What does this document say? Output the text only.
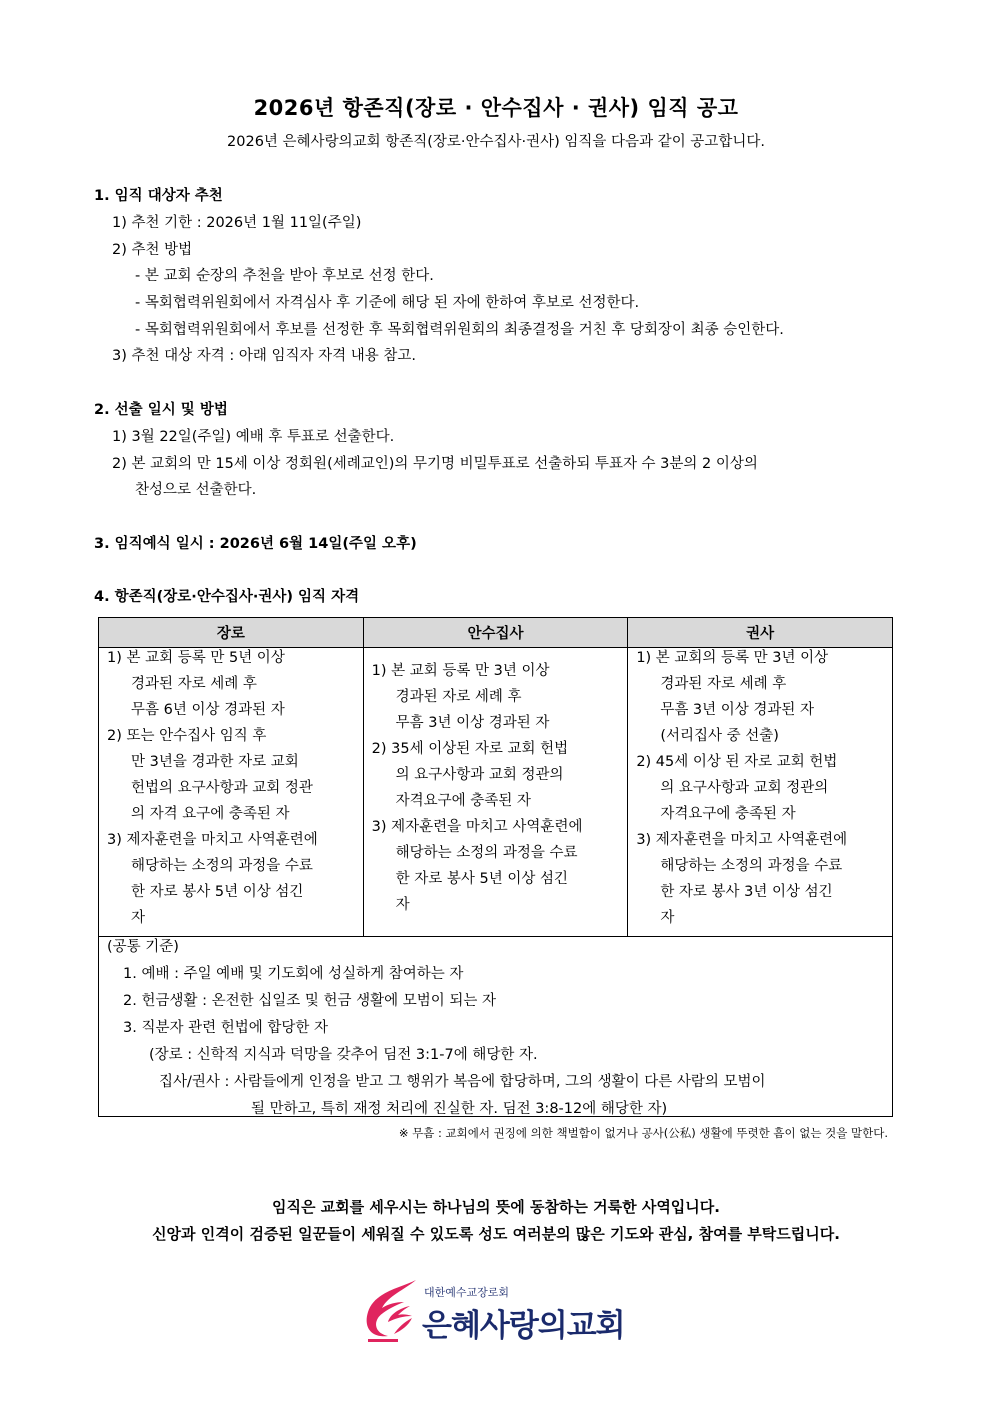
2026년 항존직(장로 · 안수집사 · 권사) 임직 공고
2026년 은혜사랑의교회 항존직(장로·안수집사·권사) 임직을 다음과 같이 공고합니다.
1. 임직 대상자 추천
1) 추천 기한 : 2026년 1월 11일(주일)
2) 추천 방법
- 본 교회 순장의 추천을 받아 후보로 선정 한다.
- 목회협력위원회에서 자격심사 후 기준에 해당 된 자에 한하여 후보로 선정한다.
- 목회협력위원회에서 후보를 선정한 후 목회협력위원회의 최종결정을 거친 후 당회장이 최종 승인한다.
3) 추천 대상 자격 : 아래 임직자 자격 내용 참고.
2. 선출 일시 및 방법
1) 3월 22일(주일) 예배 후 투표로 선출한다.
2) 본 교회의 만 15세 이상 정회원(세례교인)의 무기명 비밀투표로 선출하되 투표자 수 3분의 2 이상의
찬성으로 선출한다.
3. 임직예식 일시 : 2026년 6월 14일(주일 오후)
4. 항존직(장로·안수집사·권사) 임직 자격
장로	안수집사	권사

1) 본 교회 등록 만 5년 이상
경과된 자로 세례 후
무흠 6년 이상 경과된 자
2) 또는 안수집사 임직 후
만 3년을 경과한 자로 교회
헌법의 요구사항과 교회 정관
의 자격 요구에 충족된 자
3) 제자훈련을 마치고 사역훈련에
해당하는 소정의 과정을 수료
한 자로 봉사 5년 이상 섬긴
자

1) 본 교회 등록 만 3년 이상
경과된 자로 세례 후
무흠 3년 이상 경과된 자
2) 35세 이상된 자로 교회 헌법
의 요구사항과 교회 정관의
자격요구에 충족된 자
3) 제자훈련을 마치고 사역훈련에
해당하는 소정의 과정을 수료
한 자로 봉사 5년 이상 섬긴
자

1) 본 교회의 등록 만 3년 이상
경과된 자로 세례 후
무흠 3년 이상 경과된 자
(서리집사 중 선출)
2) 45세 이상 된 자로 교회 헌법
의 요구사항과 교회 정관의
자격요구에 충족된 자
3) 제자훈련을 마치고 사역훈련에
해당하는 소정의 과정을 수료
한 자로 봉사 3년 이상 섬긴
자

(공통 기준)
1. 예배 : 주일 예배 및 기도회에 성실하게 참여하는 자
2. 헌금생활 : 온전한 십일조 및 헌금 생활에 모범이 되는 자
3. 직분자 관련 헌법에 합당한 자
(장로 : 신학적 지식과 덕망을 갖추어 딤전 3:1-7에 해당한 자.
집사/권사 : 사람들에게 인정을 받고 그 행위가 복음에 합당하며, 그의 생활이 다른 사람의 모범이
될 만하고, 특히 재정 처리에 진실한 자. 딤전 3:8-12에 해당한 자)
※ 무흠 : 교회에서 권징에 의한 책벌함이 없거나 공사(公私) 생활에 뚜렷한 흠이 없는 것을 말한다.
임직은 교회를 세우시는 하나님의 뜻에 동참하는 거룩한 사역입니다.
신앙과 인격이 검증된 일꾼들이 세워질 수 있도록 성도 여러분의 많은 기도와 관심, 참여를 부탁드립니다.
대한예수교장로회
은혜사랑의교회
